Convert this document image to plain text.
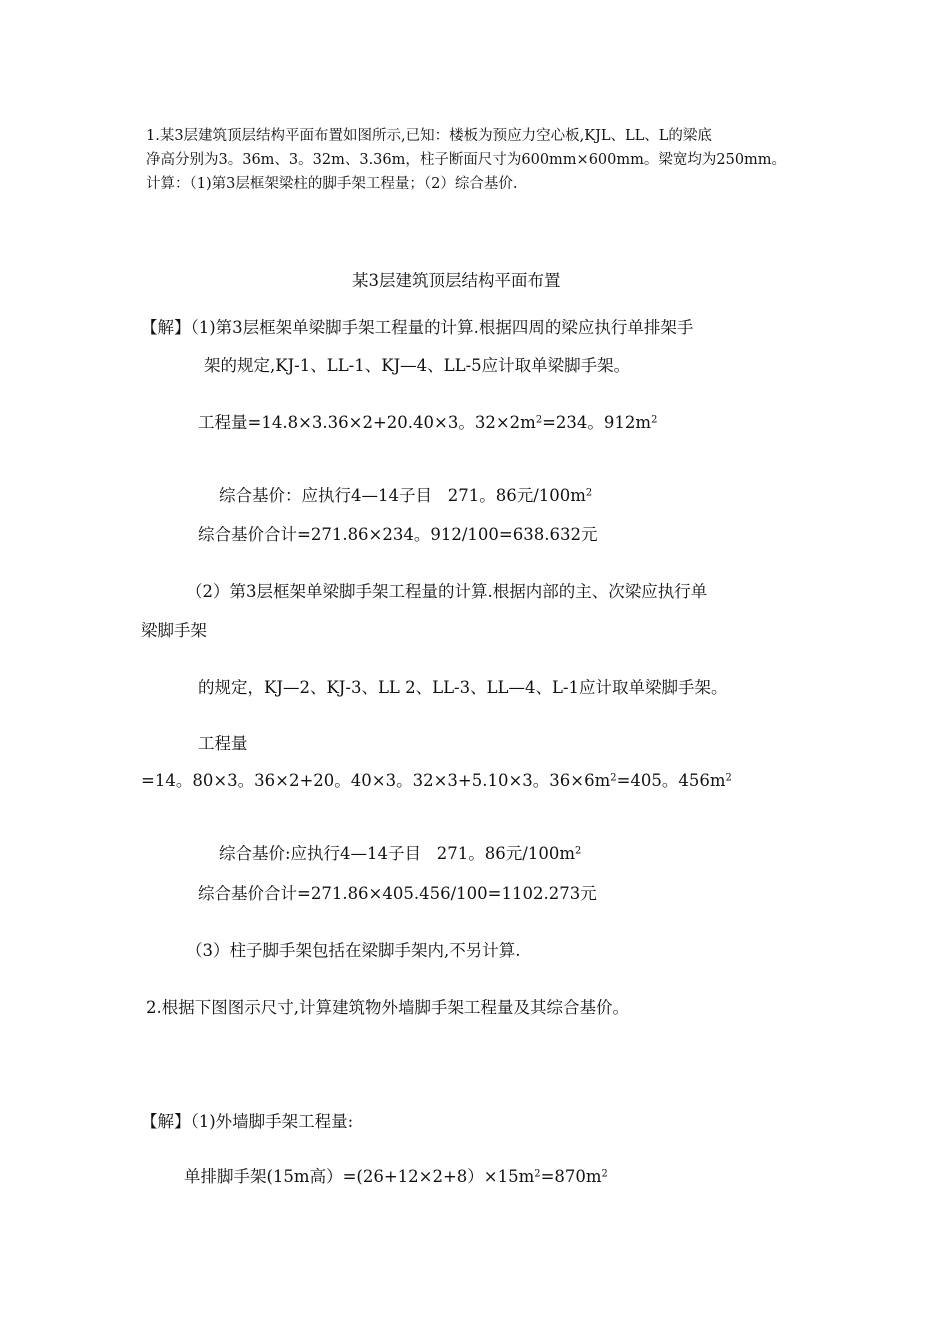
1.某3层建筑顶层结构平面布置如图所示,已知：楼板为预应力空心板,KJL、LL、L的梁底
净高分别为3。36m、3。32m、3.36m，柱子断面尺寸为600mm×600mm。梁宽均为250mm。
计算：（1)第3层框架梁柱的脚手架工程量；（2）综合基价.
某3层建筑顶层结构平面布置
【解】（1)第3层框架单梁脚手架工程量的计算.根据四周的梁应执行单排架手
架的规定,KJ-1、LL-1、KJ—4、LL-5应计取单梁脚手架。
工程量=14.8×3.36×2+20.40×3。$32\times 2m^2=234$。$912m^2$

综合基价：应执行4—14子目   271。86元$/100m^2$

综合基价合计=271.86×234。912/100=638.632元
（2）第3层框架单梁脚手架工程量的计算.根据内部的主、次梁应执行单
梁脚手架
的规定，KJ—2、KJ-3、LL 2、LL-3、LL—4、L-1应计取单梁脚手架。
工程量
=14。80×3。36×2+20。40×3。32×3+5.10×3。$36\times 6m^2=405$。$456m^2$

综合基价:应执行4—14子目   271。86元$/100m^2$

综合基价合计=271.86×405.456/100=1102.273元
（3）柱子脚手架包括在梁脚手架内,不另计算.
2.根据下图图示尺寸,计算建筑物外墙脚手架工程量及其综合基价。
【解】（1)外墙脚手架工程量:
单排脚手架(15m高）$=(26+12\times 2+8)\times 15m^2=870m^2$
